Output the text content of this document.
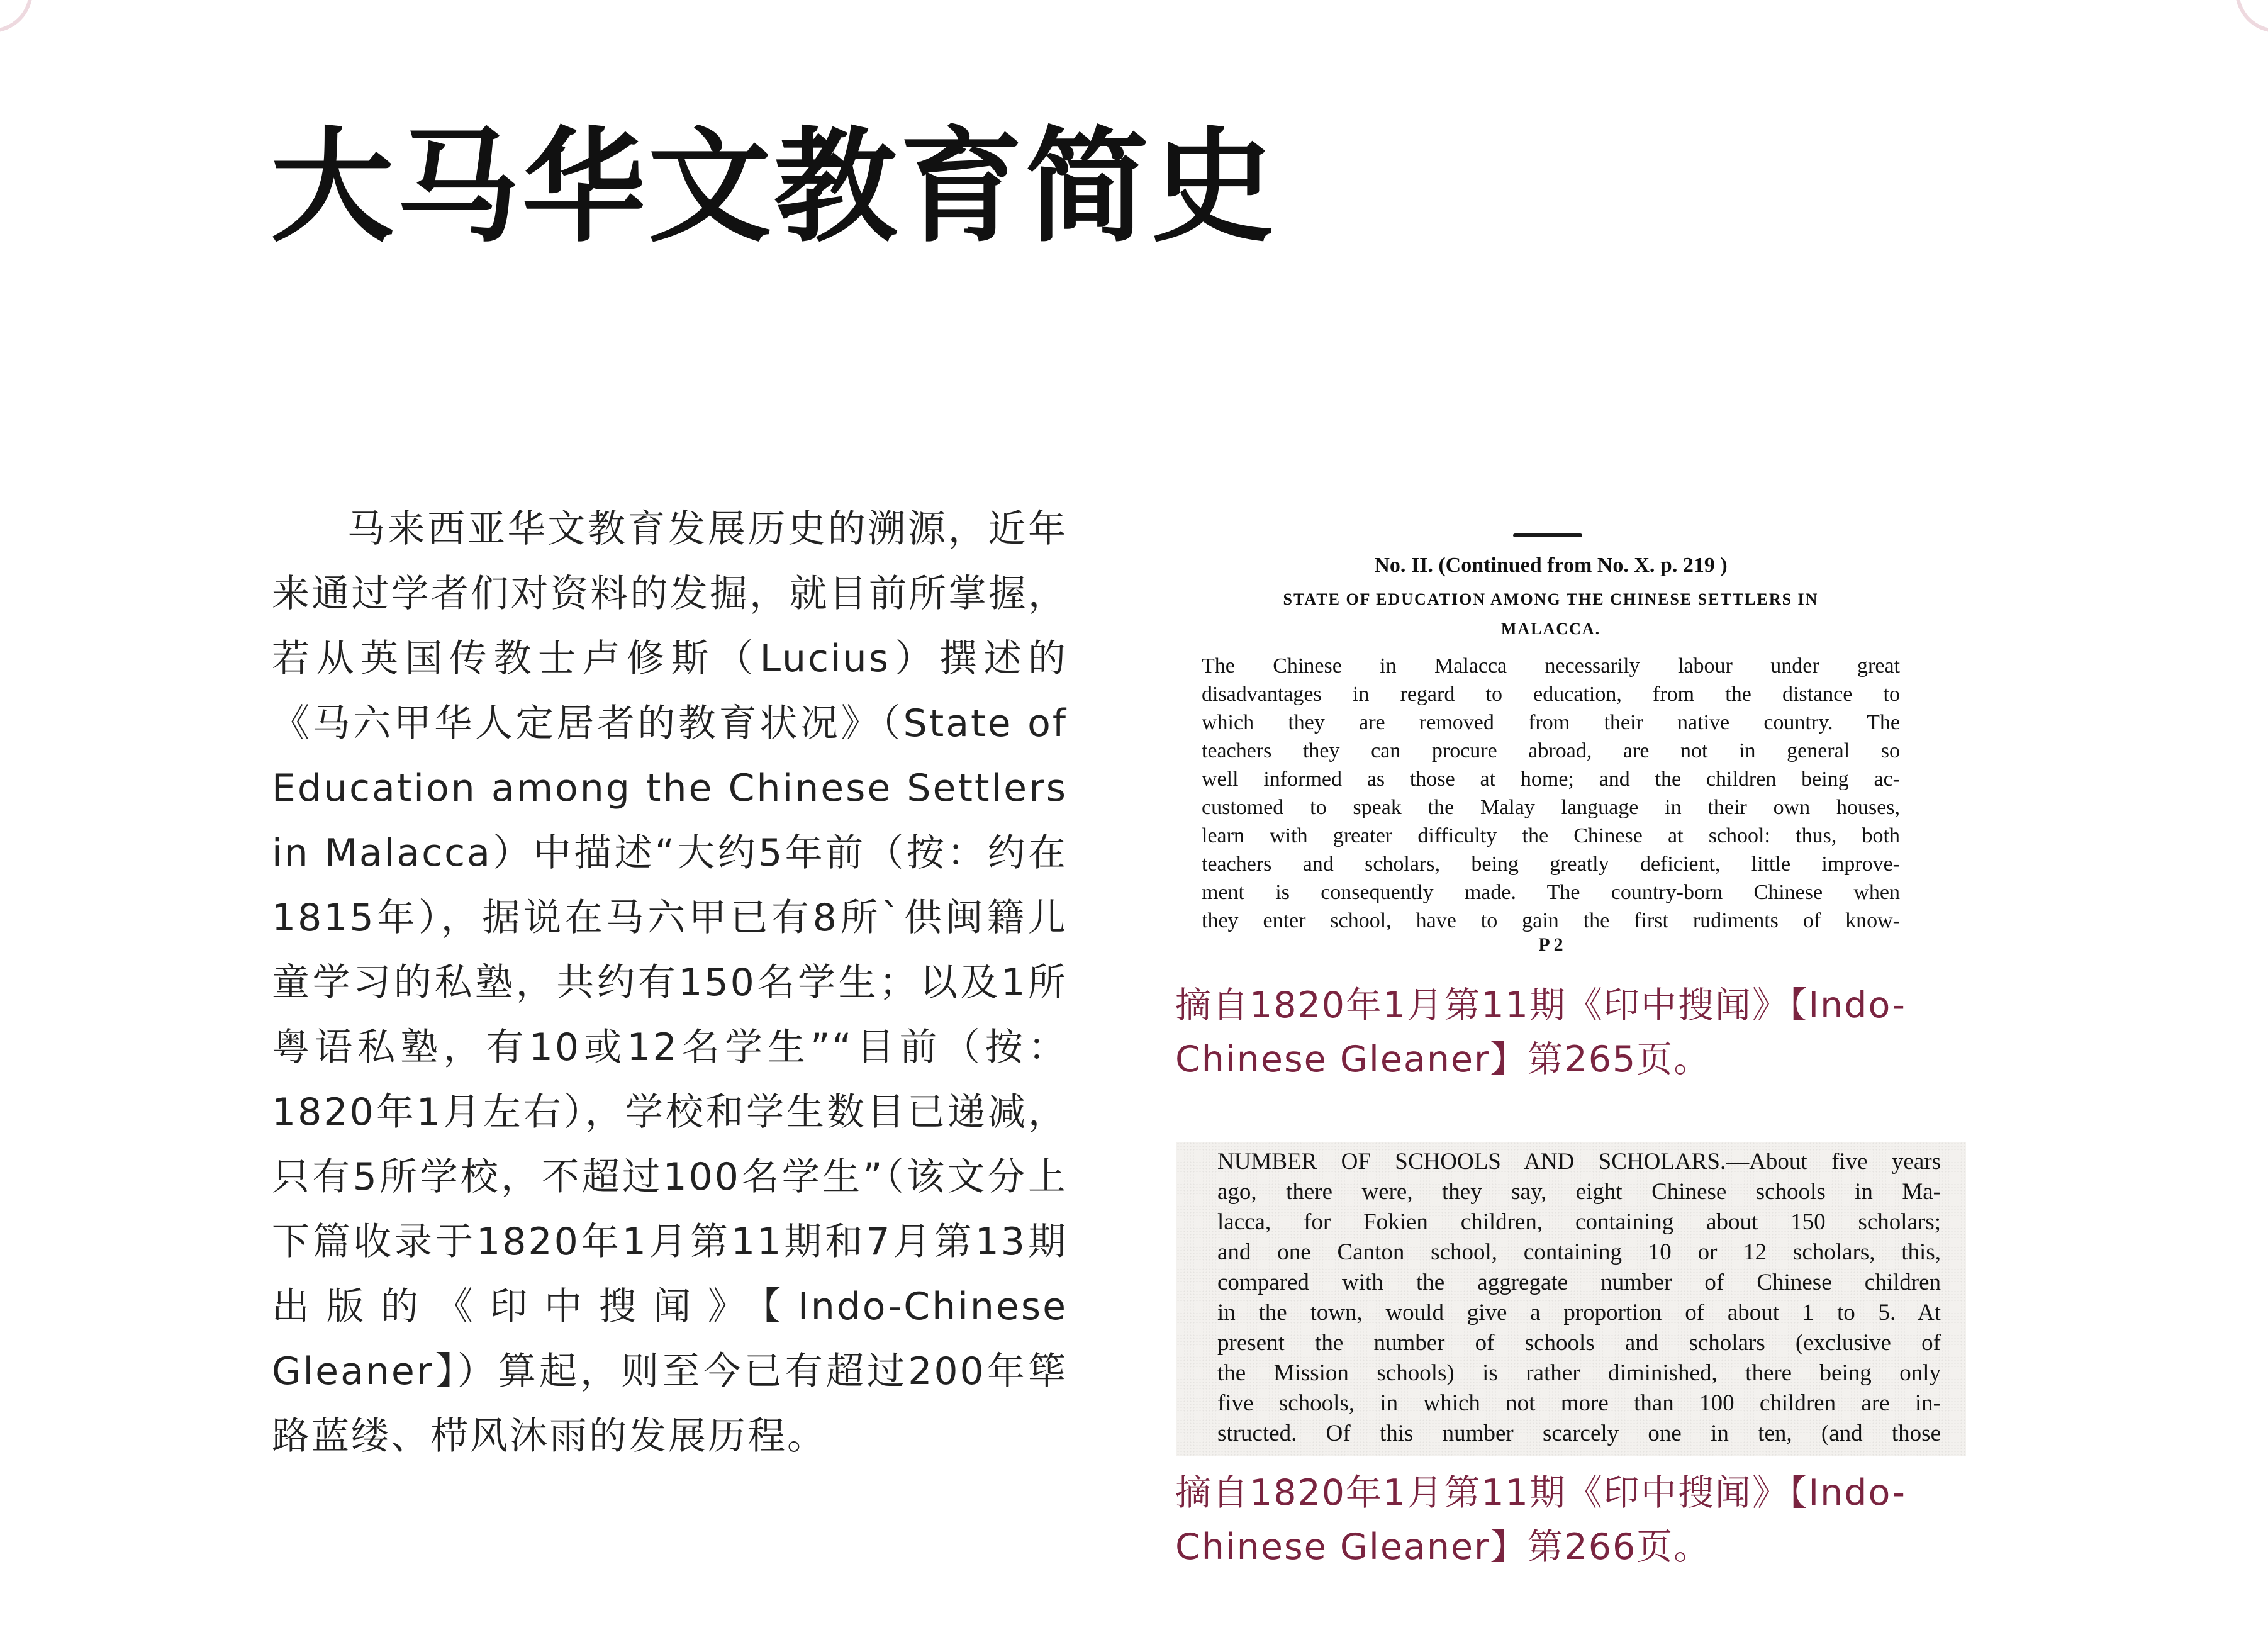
大马华文教育简史

马来西亚华文教育发展历史的溯源，近年来通过学者们对资料的发掘，就目前所掌握，若从英国传教士卢修斯（Lucius）撰述的《马六甲华人定居者的教育状况》（State of Education among the Chinese Settlers in Malacca）中描述“大约5年前（按：约在1815年），据说在马六甲已有8所`供闽籍儿童学习的私塾，共约有150名学生；以及1所粤语私塾，有10或12名学生”“目前（按：1820年1月左右），学校和学生数目已递减，只有5所学校，不超过100名学生”（该文分上下篇收录于1820年1月第11期和7月第13期出版的《印中搜闻》【Indo-Chinese Gleaner】）算起，则至今已有超过200年筚路蓝缕、栉风沐雨的发展历程。

No. II. (Continued from No. X. p. 219 )

STATE OF EDUCATION AMONG THE CHINESE SETTLERS IN

MALACCA.

The Chinese in Malacca necessarily labour under great

disadvantages in regard to education, from the distance to

which they are removed from their native country. The

teachers they can procure abroad, are not in general so

well informed as those at home; and the children being ac-

customed to speak the Malay language in their own houses,

learn with greater difficulty the Chinese at school: thus, both

teachers and scholars, being greatly deficient, little improve-

ment is consequently made. The country-born Chinese when

they enter school, have to gain the first rudiments of know-

P 2

摘自1820年1月第11期《印中搜闻》【Indo-Chinese Gleaner】第265页。

NUMBER OF SCHOOLS AND SCHOLARS.—About five years

ago, there were, they say, eight Chinese schools in Ma-

lacca, for Fokien children, containing about 150 scholars;

and one Canton school, containing 10 or 12 scholars, this,

compared with the aggregate number of Chinese children

in the town, would give a proportion of about 1 to 5. At

present the number of schools and scholars (exclusive of

the Mission schools) is rather diminished, there being only

five schools, in which not more than 100 children are in-

structed. Of this number scarcely one in ten, (and those

摘自1820年1月第11期《印中搜闻》【Indo-Chinese Gleaner】第266页。
